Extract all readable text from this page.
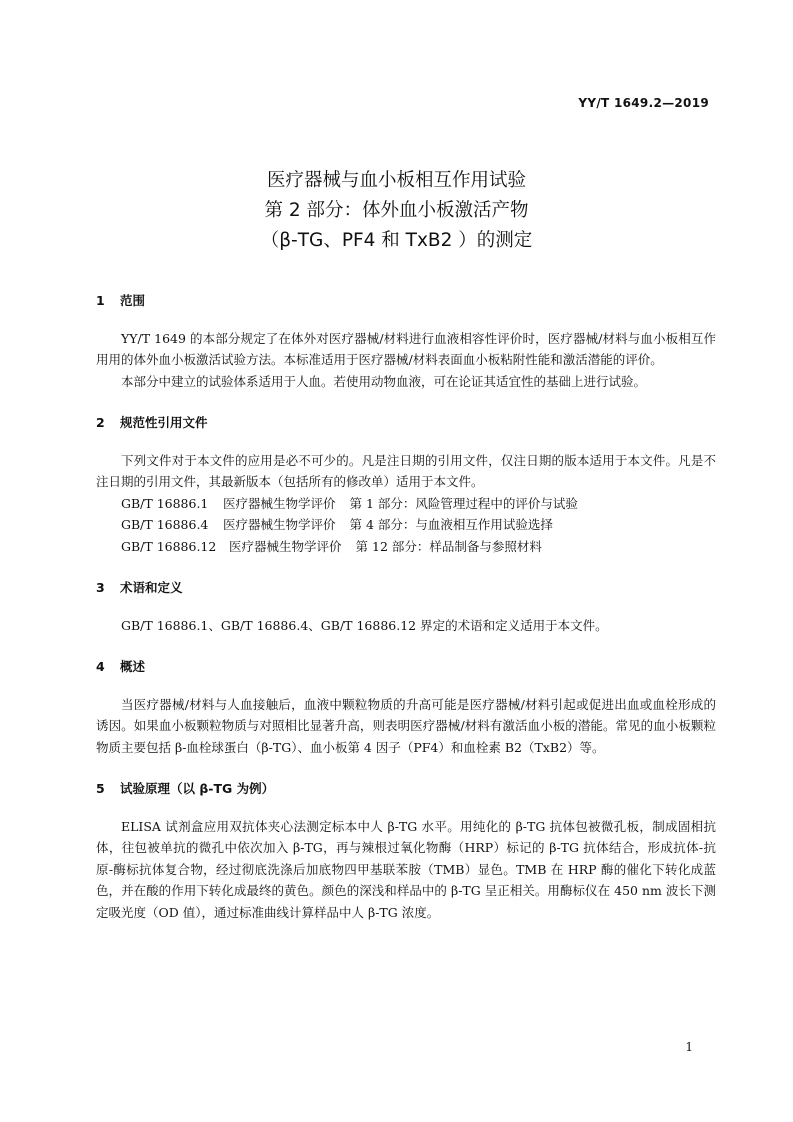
YY/T 1649.2—2019
医疗器械与血小板相互作用试验
第 2 部分：体外血小板激活产物
（β-TG、PF4 和 TxB2 ）的测定
1 范围

YY/T 1649 的本部分规定了在体外对医疗器械/材料进行血液相容性评价时，医疗器械/材料与血小板相互作用用的体外血小板激活试验方法。本标准适用于医疗器械/材料表面血小板粘附性能和激活潜能的评价。

本部分中建立的试验体系适用于人血。若使用动物血液，可在论证其适宜性的基础上进行试验。

2 规范性引用文件

下列文件对于本文件的应用是必不可少的。凡是注日期的引用文件，仅注日期的版本适用于本文件。凡是不注日期的引用文件，其最新版本（包括所有的修改单）适用于本文件。

GB/T 16886.1 医疗器械生物学评价 第 1 部分：风险管理过程中的评价与试验
GB/T 16886.4 医疗器械生物学评价 第 4 部分：与血液相互作用试验选择
GB/T 16886.12 医疗器械生物学评价 第 12 部分：样品制备与参照材料
3 术语和定义

GB/T 16886.1、GB/T 16886.4、GB/T 16886.12 界定的术语和定义适用于本文件。

4 概述

当医疗器械/材料与人血接触后，血液中颗粒物质的升高可能是医疗器械/材料引起或促进出血或血栓形成的诱因。如果血小板颗粒物质与对照相比显著升高，则表明医疗器械/材料有激活血小板的潜能。常见的血小板颗粒物质主要包括 β-血栓球蛋白（β-TG）、血小板第 4 因子（PF4）和血栓素 B2（TxB2）等。

5 试验原理（以 β-TG 为例）

ELISA 试剂盒应用双抗体夹心法测定标本中人 β-TG 水平。用纯化的 β-TG 抗体包被微孔板，制成固相抗体，往包被单抗的微孔中依次加入 β-TG，再与辣根过氧化物酶（HRP）标记的 β-TG 抗体结合，形成抗体-抗原-酶标抗体复合物，经过彻底洗涤后加底物四甲基联苯胺（TMB）显色。TMB 在 HRP 酶的催化下转化成蓝色，并在酸的作用下转化成最终的黄色。颜色的深浅和样品中的 β-TG 呈正相关。用酶标仪在 450 nm 波长下测定吸光度（OD 值），通过标准曲线计算样品中人 β-TG 浓度。

1
